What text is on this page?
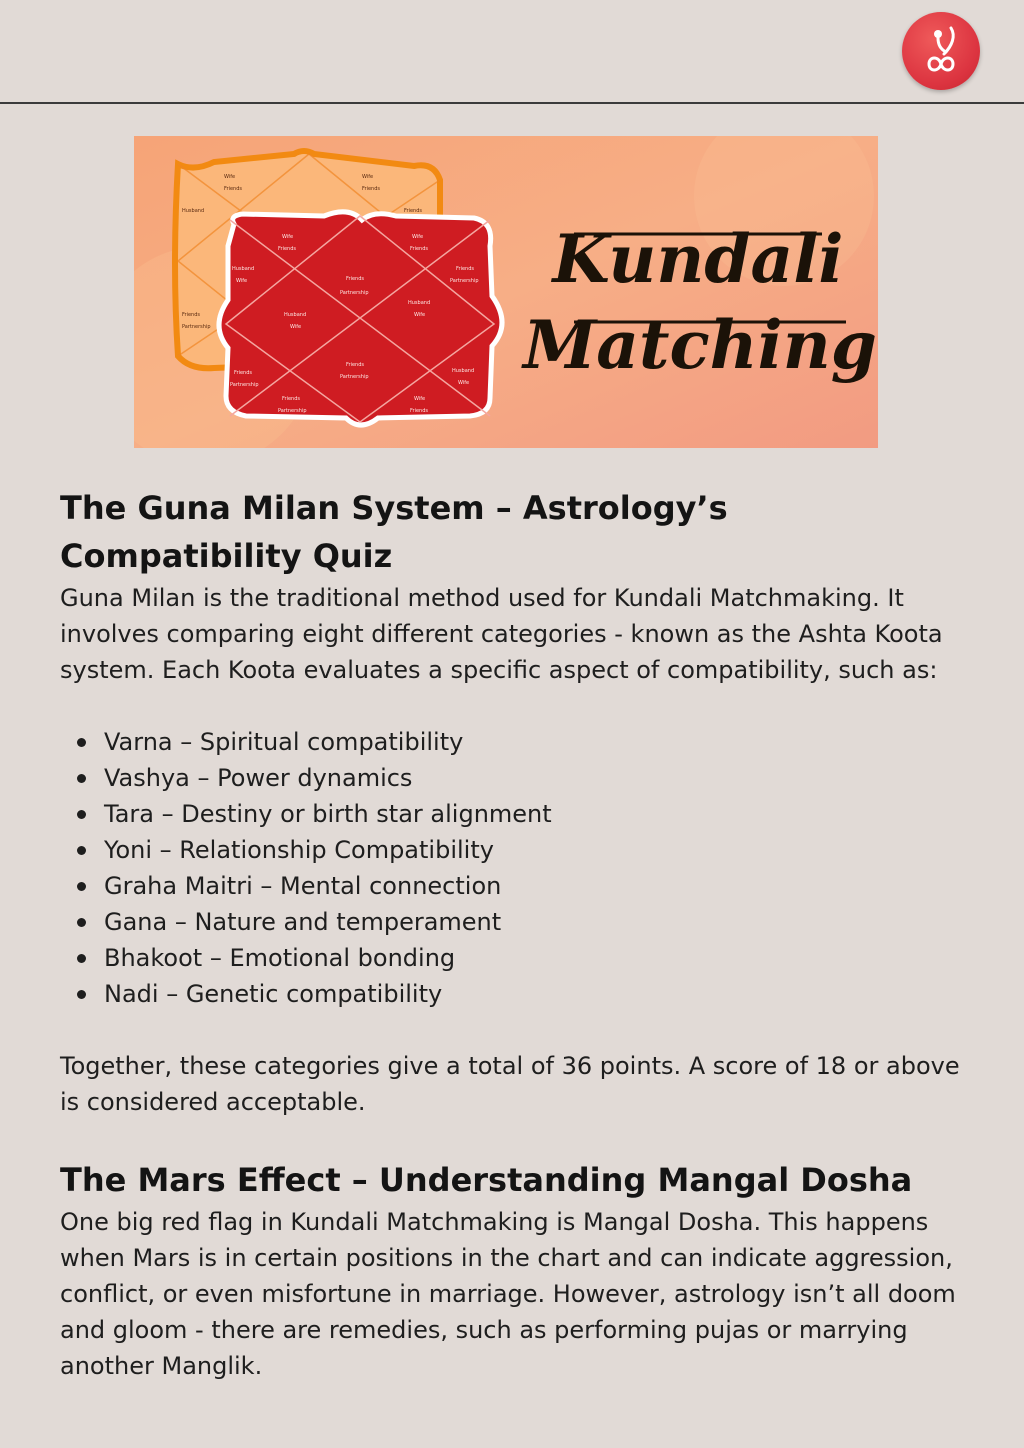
Wife
Friends
Wife
Friends
Husband
Friends
Partnership
Friends
Wife
Friends
Wife
Friends
Husband
Wife	Friends
Partnership
Friends
Partnership
Husband
Wife
Husband
Wife
Friends
Partnership
Friends
Partnership
Husband
Wife
Friends
Partnership
Wife
Friends
Kundali
Matching
The Guna Milan System – Astrology’s Compatibility Quiz

Guna Milan is the traditional method used for Kundali Matchmaking. It involves comparing eight different categories - known as the Ashta Koota system. Each Koota evaluates a specific aspect of compatibility, such as:

Varna – Spiritual compatibility
Vashya – Power dynamics
Tara – Destiny or birth star alignment
Yoni – Relationship Compatibility
Graha Maitri – Mental connection
Gana – Nature and temperament
Bhakoot – Emotional bonding
Nadi – Genetic compatibility

Together, these categories give a total of 36 points. A score of 18 or above is considered acceptable.

The Mars Effect – Understanding Mangal Dosha

One big red flag in Kundali Matchmaking is Mangal Dosha. This happens when Mars is in certain positions in the chart and can indicate aggression, conflict, or even misfortune in marriage. However, astrology isn’t all doom and gloom - there are remedies, such as performing pujas or marrying another Manglik.
